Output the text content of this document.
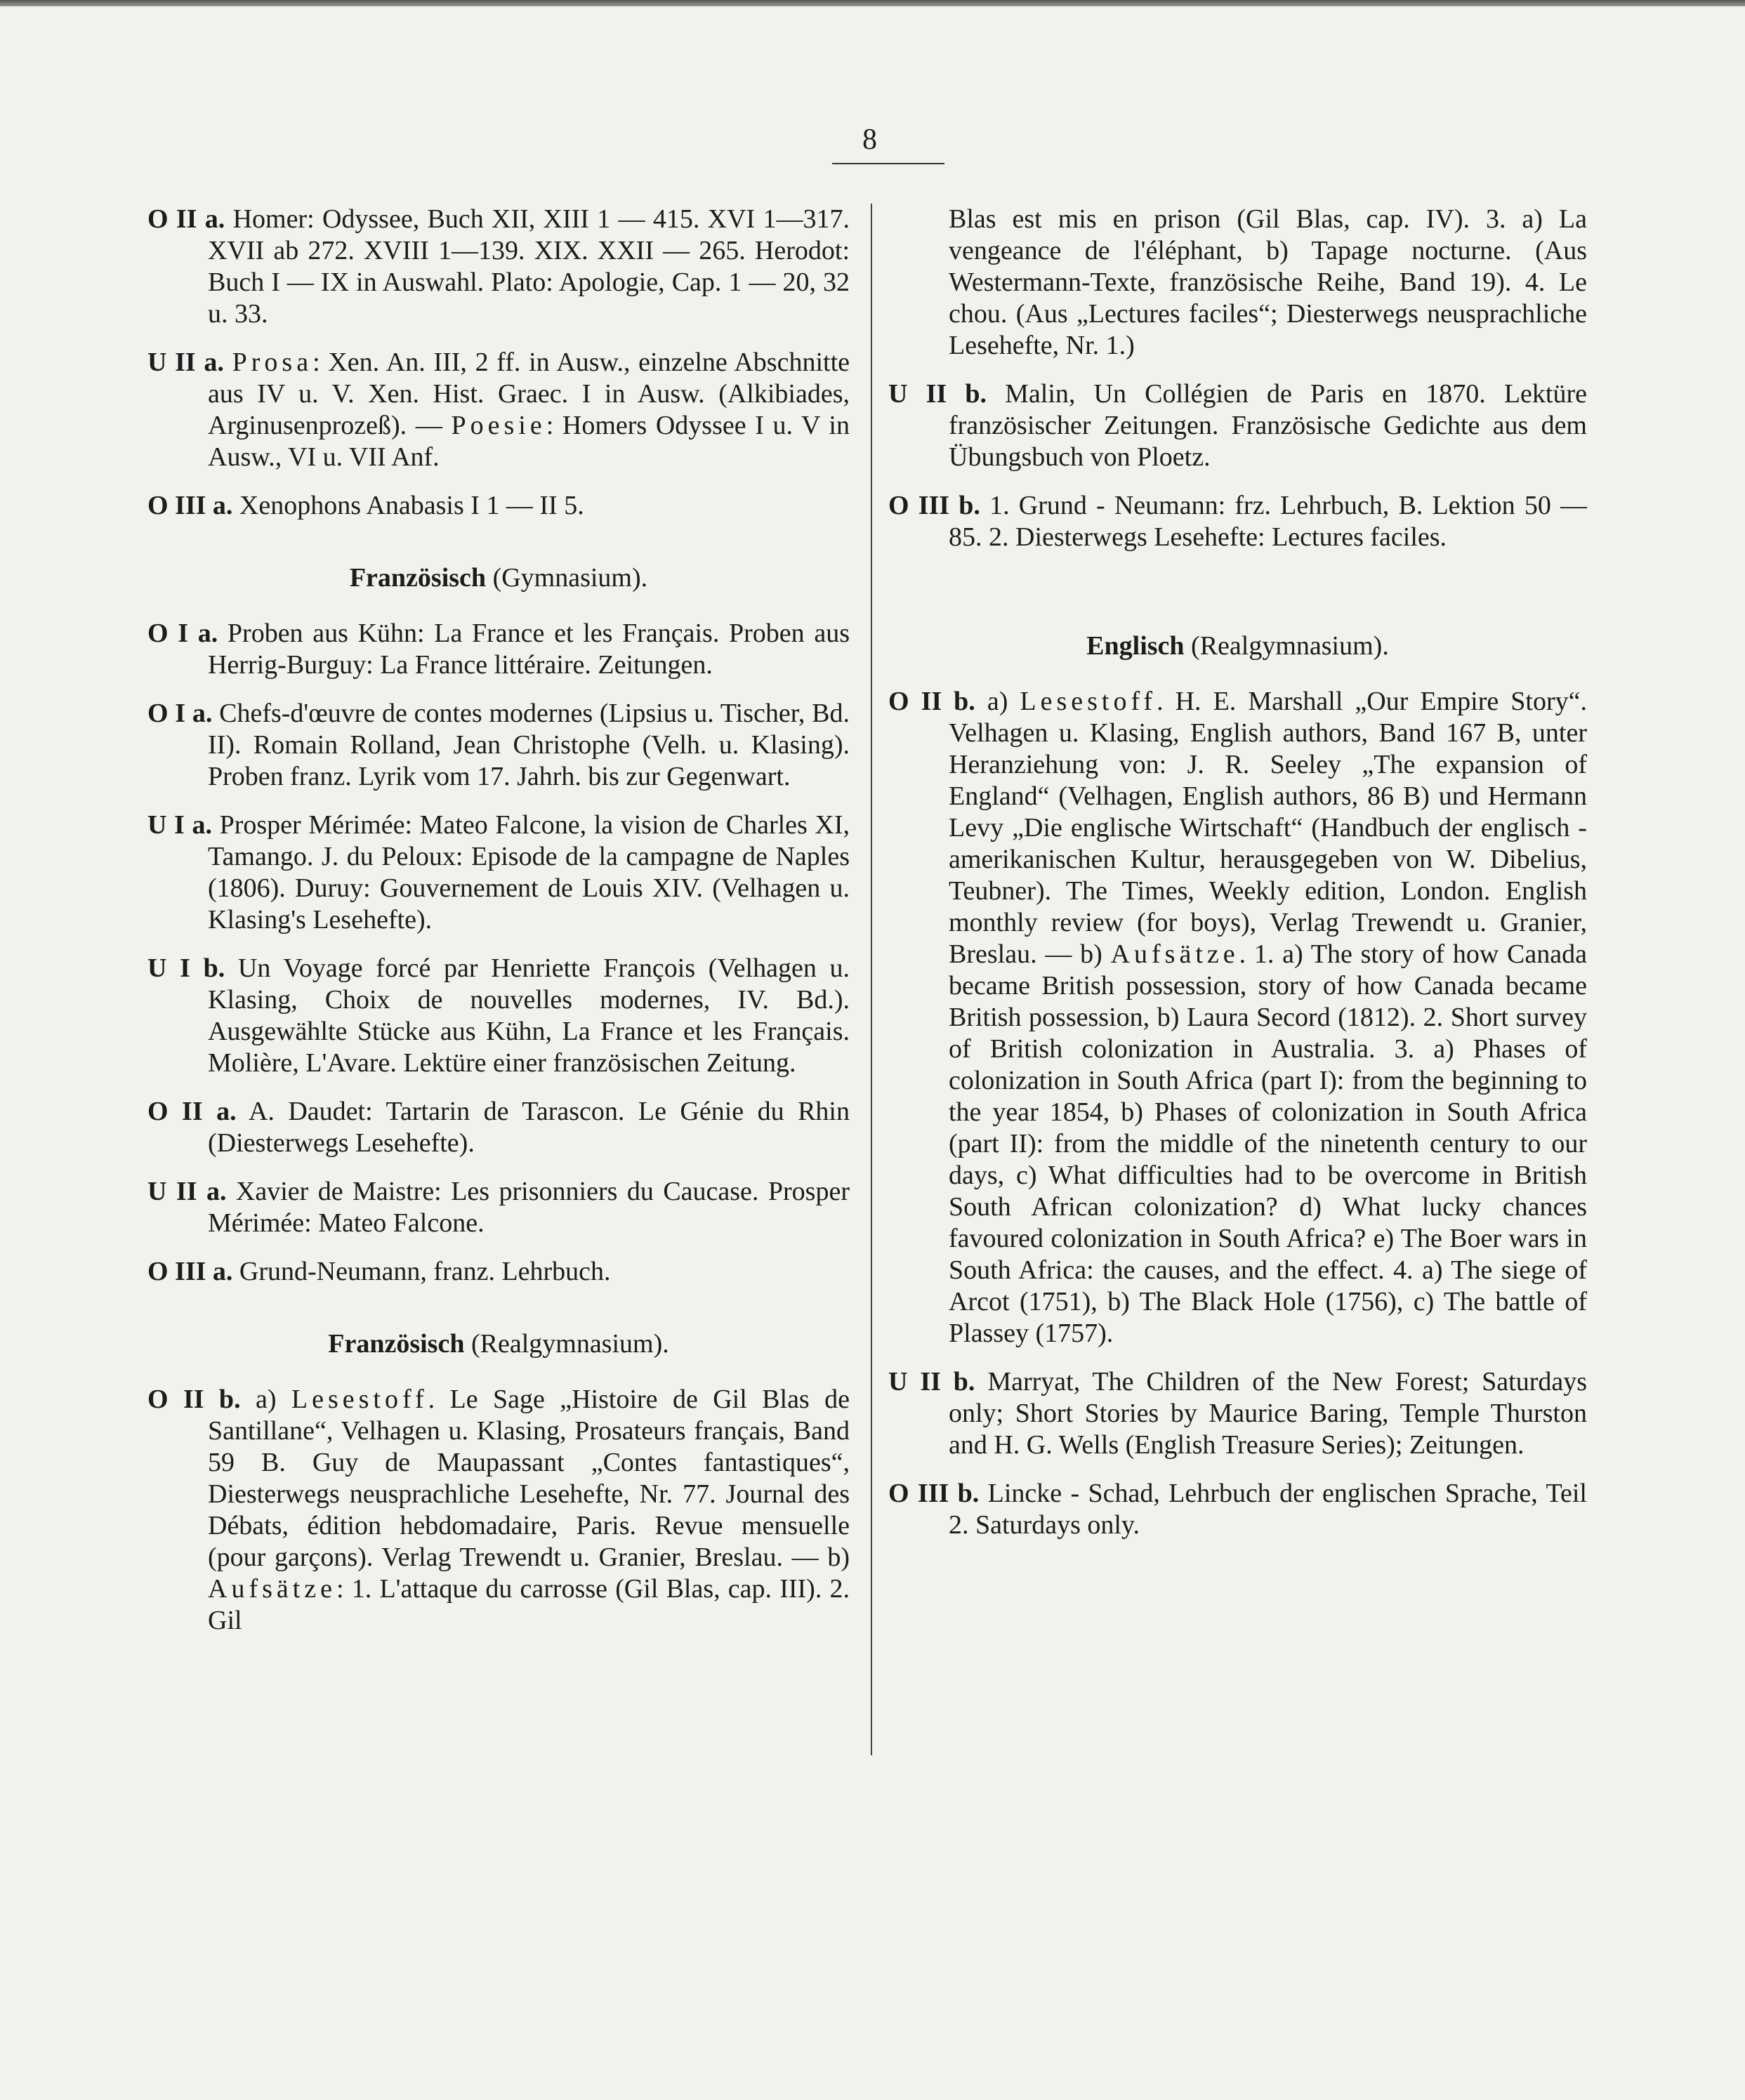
8

O II a. Homer: Odyssee, Buch XII, XIII 1 — 415. XVI 1—317. XVII ab 272. XVIII 1—139. XIX. XXII — 265. Herodot: Buch I — IX in Auswahl. Plato: Apologie, Cap. 1 — 20, 32 u. 33.

U II a. Prosa: Xen. An. III, 2 ff. in Ausw., einzelne Abschnitte aus IV u. V. Xen. Hist. Graec. I in Ausw. (Alkibiades, Arginusenprozeß). — Poesie: Homers Odyssee I u. V in Ausw., VI u. VII Anf.

O III a. Xenophons Anabasis I 1 — II 5.

Französisch (Gymnasium).

O I a. Proben aus Kühn: La France et les Français. Proben aus Herrig-Burguy: La France littéraire. Zeitungen.

O I a. Chefs-d'œuvre de contes modernes (Lipsius u. Tischer, Bd. II). Romain Rolland, Jean Christophe (Velh. u. Klasing). Proben franz. Lyrik vom 17. Jahrh. bis zur Gegenwart.

U I a. Prosper Mérimée: Mateo Falcone, la vision de Charles XI, Tamango. J. du Peloux: Episode de la campagne de Naples (1806). Duruy: Gouvernement de Louis XIV. (Velhagen u. Klasing's Lesehefte).

U I b. Un Voyage forcé par Henriette François (Velhagen u. Klasing, Choix de nouvelles modernes, IV. Bd.). Ausgewählte Stücke aus Kühn, La France et les Français. Molière, L'Avare. Lektüre einer französischen Zeitung.

O II a. A. Daudet: Tartarin de Tarascon. Le Génie du Rhin (Diesterwegs Lesehefte).

U II a. Xavier de Maistre: Les prisonniers du Caucase. Prosper Mérimée: Mateo Falcone.

O III a. Grund-Neumann, franz. Lehrbuch.

Französisch (Realgymnasium).

O II b. a) Lesestoff. Le Sage „Histoire de Gil Blas de Santillane“, Velhagen u. Klasing, Prosateurs français, Band 59 B. Guy de Maupassant „Contes fantastiques“, Diesterwegs neusprachliche Lesehefte, Nr. 77. Journal des Débats, édition hebdomadaire, Paris. Revue mensuelle (pour garçons). Verlag Trewendt u. Granier, Breslau. — b) Aufsätze: 1. L'attaque du carrosse (Gil Blas, cap. III). 2. Gil

Blas est mis en prison (Gil Blas, cap. IV). 3. a) La vengeance de l'éléphant, b) Tapage nocturne. (Aus Westermann-Texte, französische Reihe, Band 19). 4. Le chou. (Aus „Lectures faciles“; Diesterwegs neusprachliche Lesehefte, Nr. 1.)

U II b. Malin, Un Collégien de Paris en 1870. Lektüre französischer Zeitungen. Französische Gedichte aus dem Übungsbuch von Ploetz.

O III b. 1. Grund - Neumann: frz. Lehrbuch, B. Lektion 50 — 85. 2. Diesterwegs Lesehefte: Lectures faciles.

Englisch (Realgymnasium).

O II b. a) Lesestoff. H. E. Marshall „Our Empire Story“. Velhagen u. Klasing, English authors, Band 167 B, unter Heranziehung von: J. R. Seeley „The expansion of England“ (Velhagen, English authors, 86 B) und Hermann Levy „Die englische Wirtschaft“ (Handbuch der englisch - amerikanischen Kultur, herausgegeben von W. Dibelius, Teubner). The Times, Weekly edition, London. English monthly review (for boys), Verlag Trewendt u. Granier, Breslau. — b) Aufsätze. 1. a) The story of how Canada became British possession, story of how Canada became British possession, b) Laura Secord (1812). 2. Short survey of British colonization in Australia. 3. a) Phases of colonization in South Africa (part I): from the beginning to the year 1854, b) Phases of colonization in South Africa (part II): from the middle of the ninetenth century to our days, c) What difficulties had to be overcome in British South African colonization? d) What lucky chances favoured colonization in South Africa? e) The Boer wars in South Africa: the causes, and the effect. 4. a) The siege of Arcot (1751), b) The Black Hole (1756), c) The battle of Plassey (1757).

U II b. Marryat, The Children of the New Forest; Saturdays only; Short Stories by Maurice Baring, Temple Thurston and H. G. Wells (English Treasure Series); Zeitungen.

O III b. Lincke - Schad, Lehrbuch der englischen Sprache, Teil 2. Saturdays only.
